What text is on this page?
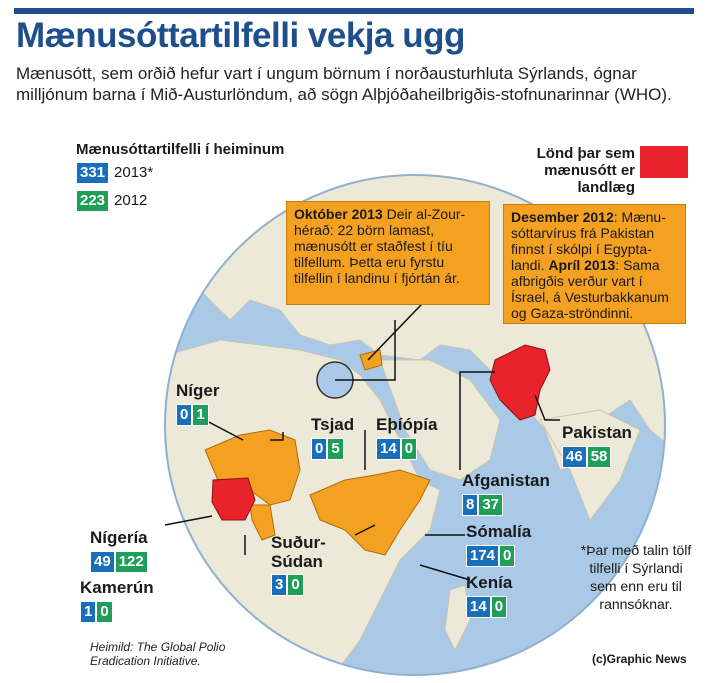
Mænusóttartilfelli vekja ugg
Mænusótt, sem orðið hefur vart í ungum börnum í norðausturhluta Sýrlands, ógnar milljónum barna í Mið-Austurlöndum, að sögn Alþjóðaheilbrigðis-stofnunarinnar (WHO).
Mænusóttartilfelli í heiminum
331 2013*
223 2012
Lönd þar sem mænusótt er landlæg
Október 2013 Deir al-Zour-hérað: 22 börn lamast, mænusótt er staðfest í tíu tilfellum. Þetta eru fyrstu tilfellin í landinu í fjórtán ár.
Desember 2012: Mænu-sóttarvírus frá Pakistan finnst í skólpi í Egypta-landi. Apríl 2013: Sama afbrigðis verður vart í Ísrael, á Vesturbakkanum og Gaza-ströndinni.
Níger
0 1
Tsjad
0 5
Eþíópía
14 0
Pakistan
46 58
Afganistan
8 37
Sómalía
174 0
Nígería
49 122
Kamerún
1 0
Suður-Súdan
3 0	Kenía
14 0
*Þar með talin tölf tilfelli í Sýrlandi sem enn eru til rannsóknar.
Heimild: The Global Polio Eradication Initiative.	(c)Graphic News
